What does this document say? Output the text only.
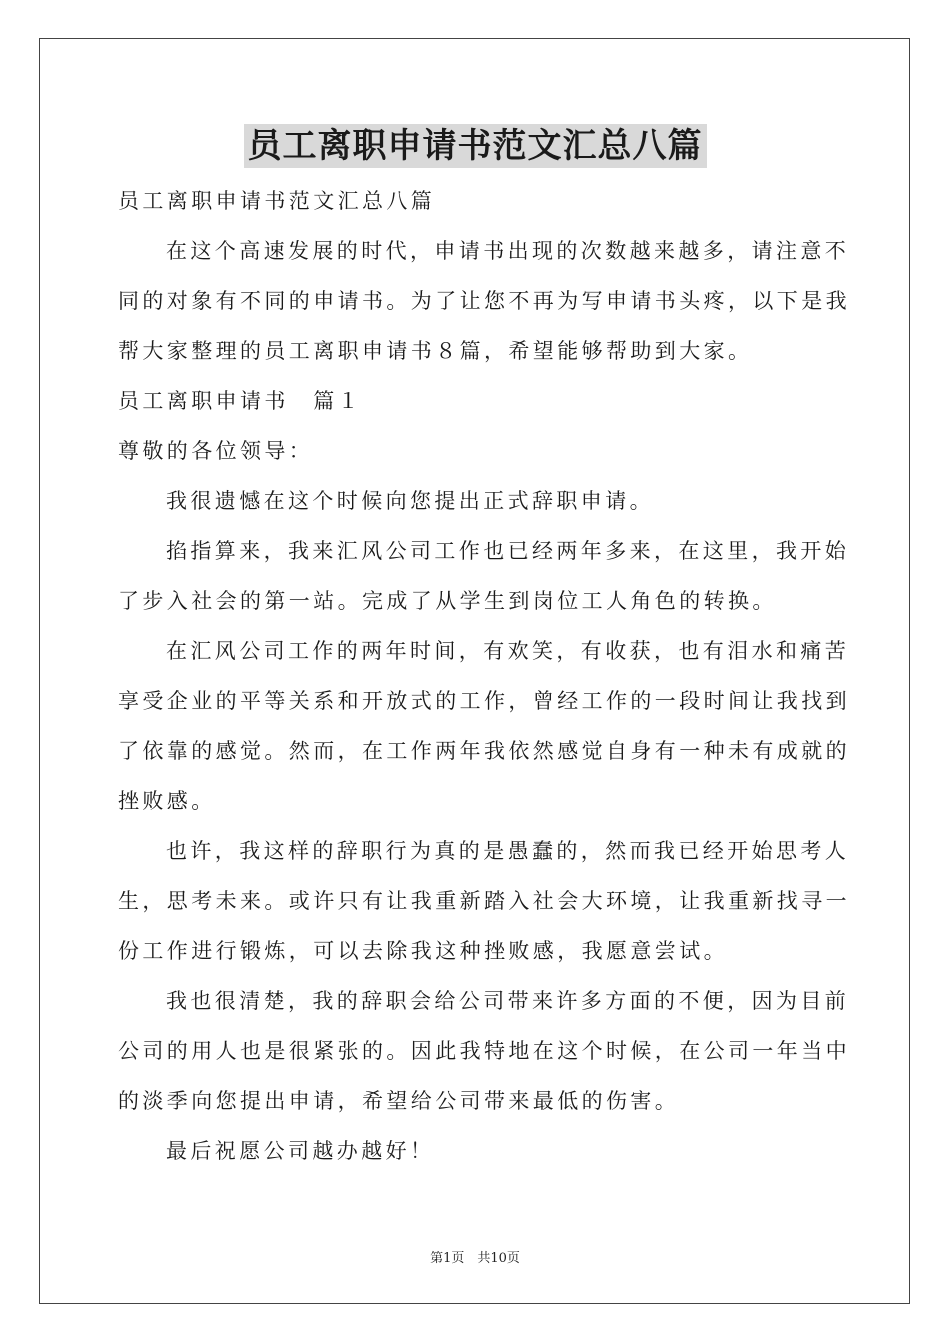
员工离职申请书范文汇总八篇
员工离职申请书范文汇总八篇
在这个高速发展的时代，申请书出现的次数越来越多，请注意不
同的对象有不同的申请书。为了让您不再为写申请书头疼，以下是我
帮大家整理的员工离职申请书８篇，希望能够帮助到大家。
员工离职申请书　篇１
尊敬的各位领导：
我很遗憾在这个时候向您提出正式辞职申请。
掐指算来，我来汇风公司工作也已经两年多来，在这里，我开始
了步入社会的第一站。完成了从学生到岗位工人角色的转换。
在汇风公司工作的两年时间，有欢笑，有收获，也有泪水和痛苦
享受企业的平等关系和开放式的工作，曾经工作的一段时间让我找到
了依靠的感觉。然而，在工作两年我依然感觉自身有一种未有成就的
挫败感。
也许，我这样的辞职行为真的是愚蠢的，然而我已经开始思考人
生，思考未来。或许只有让我重新踏入社会大环境，让我重新找寻一
份工作进行锻炼，可以去除我这种挫败感，我愿意尝试。
我也很清楚，我的辞职会给公司带来许多方面的不便，因为目前
公司的用人也是很紧张的。因此我特地在这个时候，在公司一年当中
的淡季向您提出申请，希望给公司带来最低的伤害。
最后祝愿公司越办越好！
第1页　共10页
